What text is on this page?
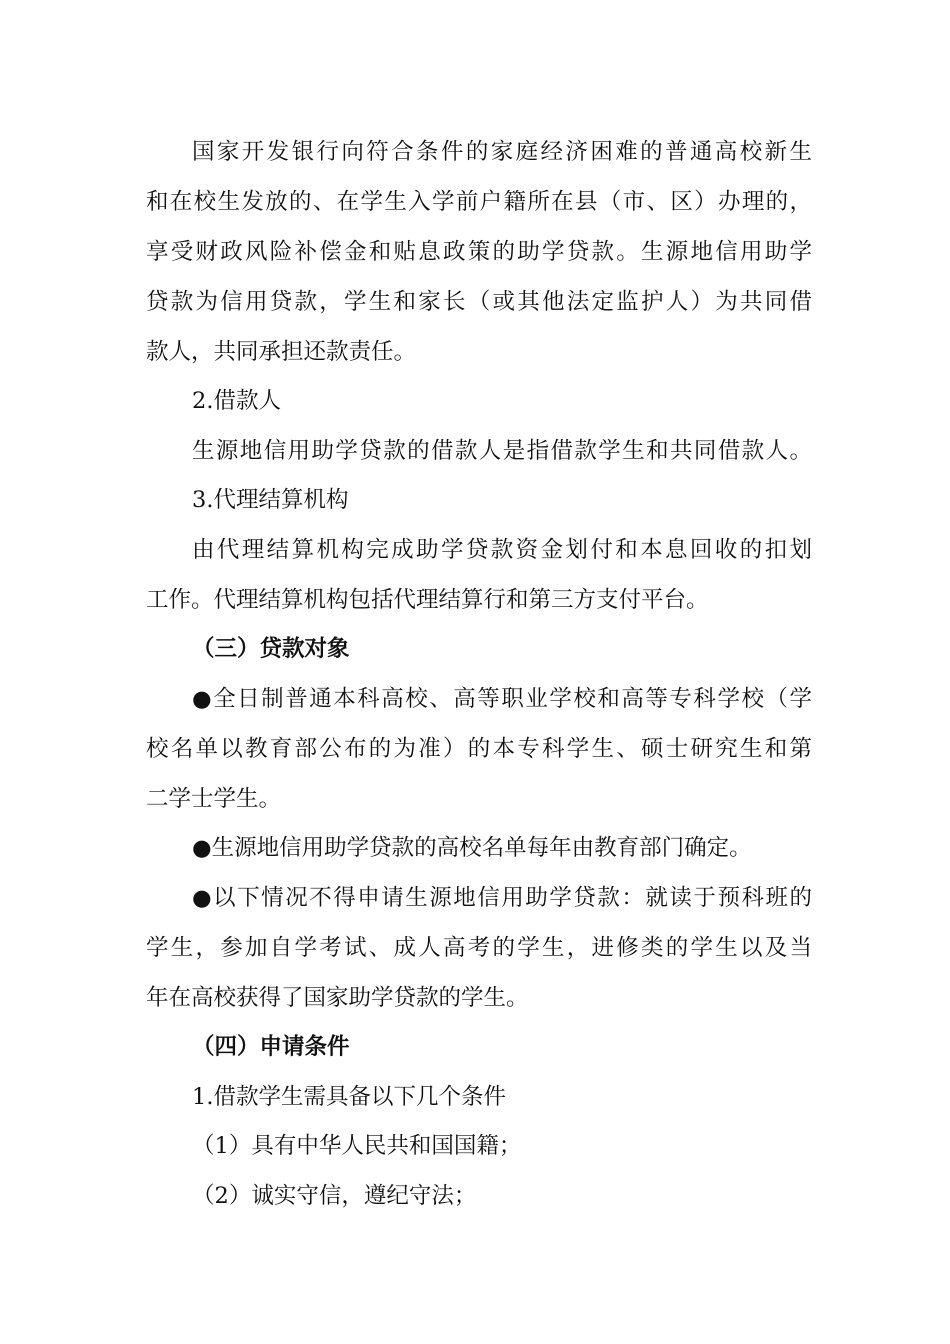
国家开发银行向符合条件的家庭经济困难的普通高校新生
和在校生发放的、在学生入学前户籍所在县（市、区）办理的，
享受财政风险补偿金和贴息政策的助学贷款。生源地信用助学
贷款为信用贷款，学生和家长（或其他法定监护人）为共同借
款人，共同承担还款责任。
2.借款人
生源地信用助学贷款的借款人是指借款学生和共同借款人。
3.代理结算机构
由代理结算机构完成助学贷款资金划付和本息回收的扣划
工作。代理结算机构包括代理结算行和第三方支付平台。
（三）贷款对象
●全日制普通本科高校、高等职业学校和高等专科学校（学
校名单以教育部公布的为准）的本专科学生、硕士研究生和第
二学士学生。
●生源地信用助学贷款的高校名单每年由教育部门确定。
●以下情况不得申请生源地信用助学贷款：就读于预科班的
学生，参加自学考试、成人高考的学生，进修类的学生以及当
年在高校获得了国家助学贷款的学生。
（四）申请条件
1.借款学生需具备以下几个条件
（1）具有中华人民共和国国籍；
（2）诚实守信，遵纪守法；
